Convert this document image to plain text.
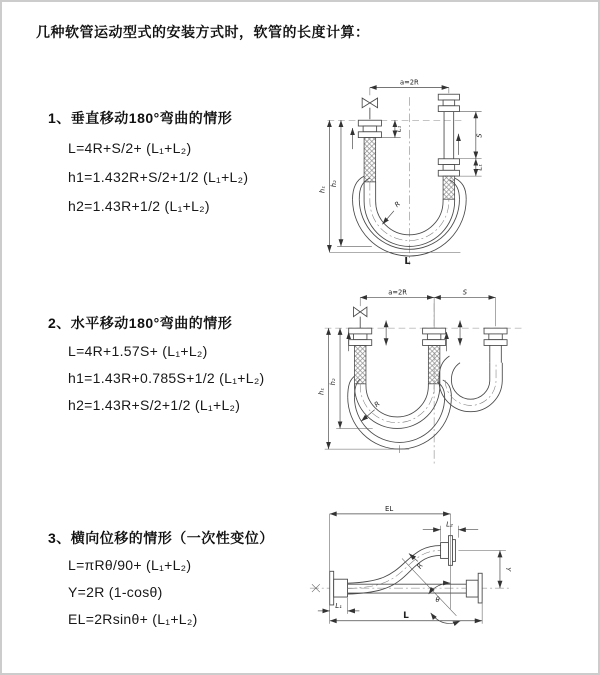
几种软管运动型式的安装方式时，软管的长度计算：
1、垂直移动180°弯曲的情形
L=4R+S/2+ (L₁+L₂)
h1=1.432R+S/2+1/2 (L₁+L₂)
h2=1.43R+1/2 (L₁+L₂)
2、水平移动180°弯曲的情形
L=4R+1.57S+ (L₁+L₂)
h1=1.43R+0.785S+1/2 (L₁+L₂)
h2=1.43R+S/2+1/2 (L₁+L₂)
3、横向位移的情形（一次性变位）
L=πRθ/90+ (L₁+L₂)
Y=2R (1-cosθ)
EL=2Rsinθ+ (L₁+L₂)
a=2R
h₁
h₂
L₁
S
L₁
R
L
a=2R	S
h₂
h₁
R
EL
L₂
Y
R
θ
L₁
L
